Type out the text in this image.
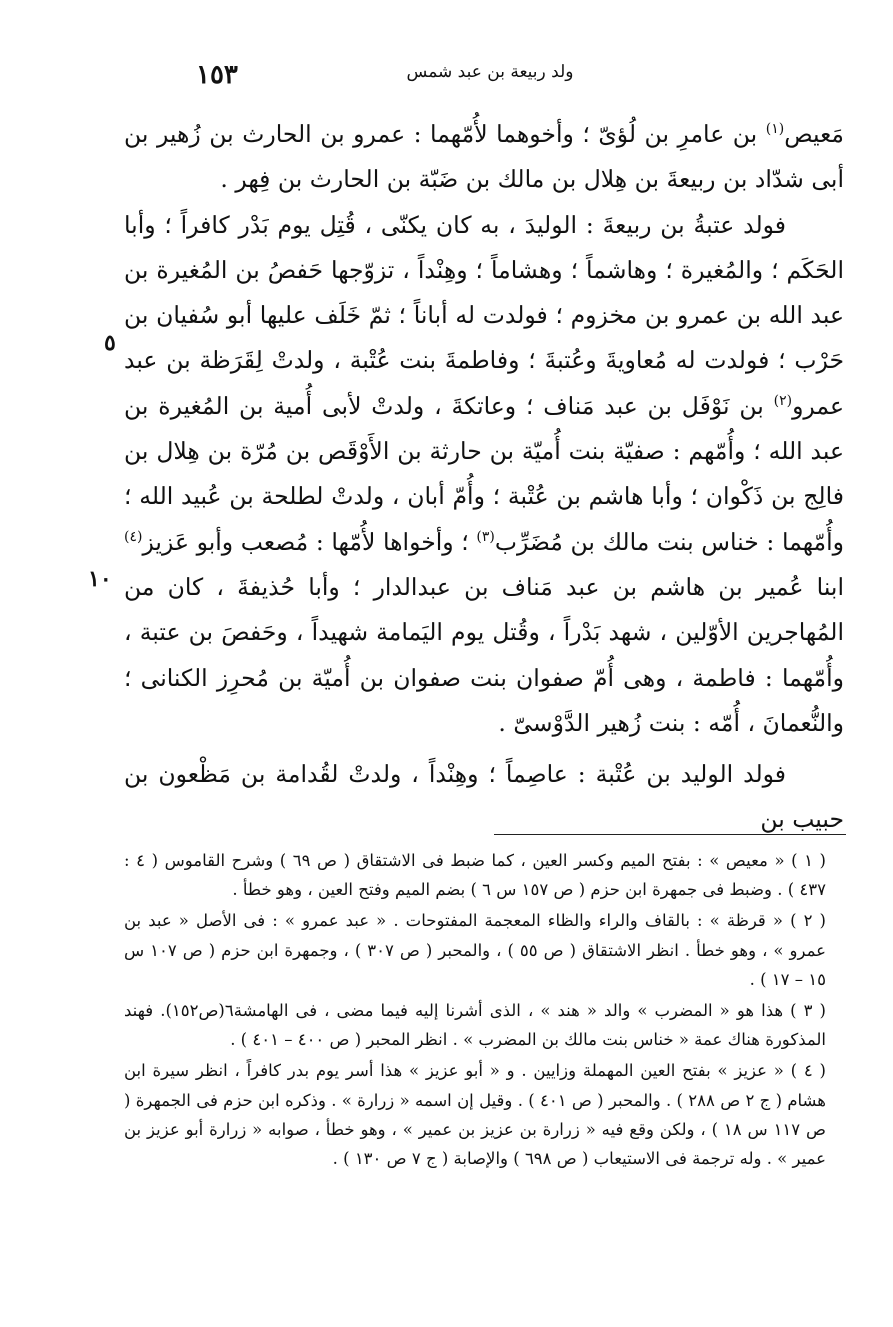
١٥٣	ولد ربيعة بن عبد شمس
٥
١٠

مَعيص$^{(١)}$ بن عامرِ بن لُؤىّ ؛ وأخوهما لأُمّهما : عمرو بن الحارث بن زُهير بن أبى شدّاد بن ربيعةَ بن هِلال بن مالك بن ضَبّة بن الحارث بن فِهر .

فولد عتبةُ بن ربيعةَ : الوليدَ ، به كان يكنّى ، قُتِل يوم بَدْر كافراً ؛ وأبا الحَكَم ؛ والمُغيرة ؛ وهاشماً ؛ وهشاماً ؛ وهِنْداً ، تزوّجها حَفصُ بن المُغيرة بن عبد الله بن عمرو بن مخزوم ؛ فولدت له أباناً ؛ ثمّ خَلَف عليها أبو سُفيان بن حَرْب ؛ فولدت له مُعاويةَ وعُتبةَ ؛ وفاطمةَ بنت عُتْبة ، ولدتْ لِقَرَظة بن عبد عمرو$^{(٢)}$ بن نَوْفَل بن عبد مَناف ؛ وعاتكةَ ، ولدتْ لأبى أُمية بن المُغيرة بن عبد الله ؛ وأُمّهم : صفيّة بنت أُميّة بن حارثة بن الأَوْقَص بن مُرّة بن هِلال بن فالِج بن ذَكْوان ؛ وأبا هاشم بن عُتْبة ؛ وأُمّ أبان ، ولدتْ لطلحة بن عُبيد الله ؛ وأُمّهما : خناس بنت مالك بن مُضَرِّب$^{(٣)}$ ؛ وأخواها لأُمّها : مُصعب وأبو عَزيز$^{(٤)}$ ابنا عُمير بن هاشم بن عبد مَناف بن عبدالدار ؛ وأبا حُذيفةَ ، كان من المُهاجرين الأوّلين ، شهد بَدْراً ، وقُتل يوم اليَمامة شهيداً ، وحَفصَ بن عتبة ، وأُمّهما : فاطمة ، وهى أُمّ صفوان بنت صفوان بن أُميّة بن مُحرِز الكنانى ؛ والنُّعمانَ ، أُمّه : بنت زُهير الدَّوْسىّ .

فولد الوليد بن عُتْبة : عاصِماً ؛ وهِنْداً ، ولدتْ لقُدامة بن مَظْعون بن حبيب بن

( ١ ) « معيص » : بفتح الميم وكسر العين ، كما ضبط فى الاشتقاق ( ص ٦٩ ) وشرح القاموس ( ٤ : ٤٣٧ ) . وضبط فى جمهرة ابن حزم ( ص ١٥٧ س ٦ ) بضم الميم وفتح العين ، وهو خطأ .

( ٢ ) « قرظة » : بالقاف والراء والظاء المعجمة المفتوحات . « عبد عمرو » : فى الأصل « عبد بن عمرو » ، وهو خطأ . انظر الاشتقاق ( ص ٥٥ ) ، والمحبر ( ص ٣٠٧ ) ، وجمهرة ابن حزم ( ص ١٠٧ س ١٥ – ١٧ ) .

( ٣ ) هذا هو « المضرب » والد « هند » ، الذى أشرنا إليه فيما مضى ، فى الهامشة٦(ص١٥٢). فهند المذكورة هناك عمة « خناس بنت مالك بن المضرب » . انظر المحبر ( ص ٤٠٠ – ٤٠١ ) .

( ٤ ) « عزيز » بفتح العين المهملة وزايين . و « أبو عزيز » هذا أسر يوم بدر كافراً ، انظر سيرة ابن هشام ( ج ٢ ص ٢٨٨ ) . والمحبر ( ص ٤٠١ ) . وقيل إن اسمه « زرارة » . وذكره ابن حزم فى الجمهرة ( ص ١١٧ س ١٨ ) ، ولكن وقع فيه « زرارة بن عزيز بن عمير » ، وهو خطأ ، صوابه « زرارة أبو عزيز بن عمير » . وله ترجمة فى الاستيعاب ( ص ٦٩٨ ) والإصابة ( ج ٧ ص ١٣٠ ) .
